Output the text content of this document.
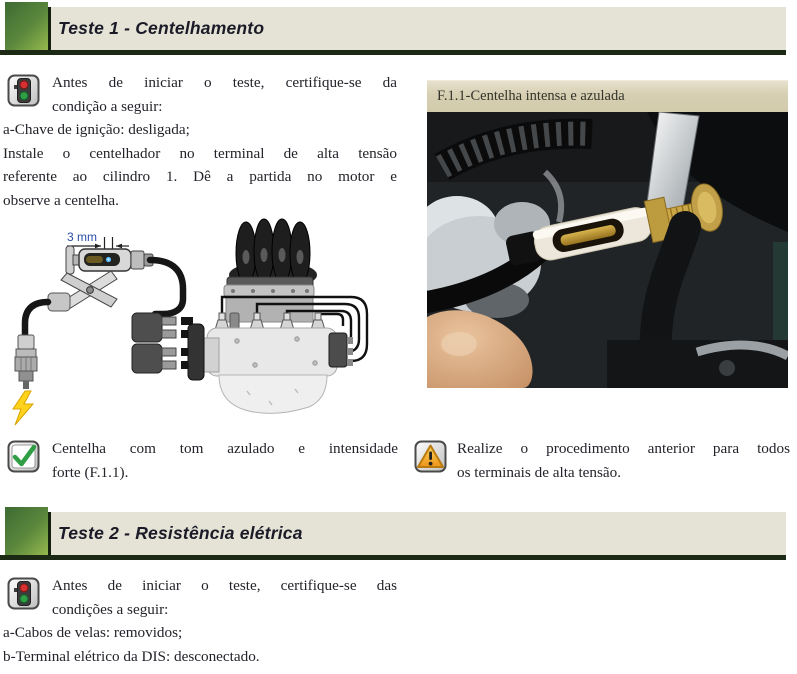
Teste 1 - Centelhamento
Antes de iniciar o teste, certifique-se da
condição a seguir:
a-Chave de ignição: desligada;
Instale o centelhador no terminal de alta tensão
referente ao cilindro 1. Dê a partida no motor e
observe a centelha.
3 mm
F.1.1-Centelha intensa e azulada
Centelha com tom azulado e intensidade
forte (F.1.1).
Realize o procedimento anterior para todos
os terminais de alta tensão.
Teste 2 - Resistência elétrica
Antes de iniciar o teste, certifique-se das
condições a seguir:
a-Cabos de velas: removidos;
b-Terminal elétrico da DIS: desconectado.
